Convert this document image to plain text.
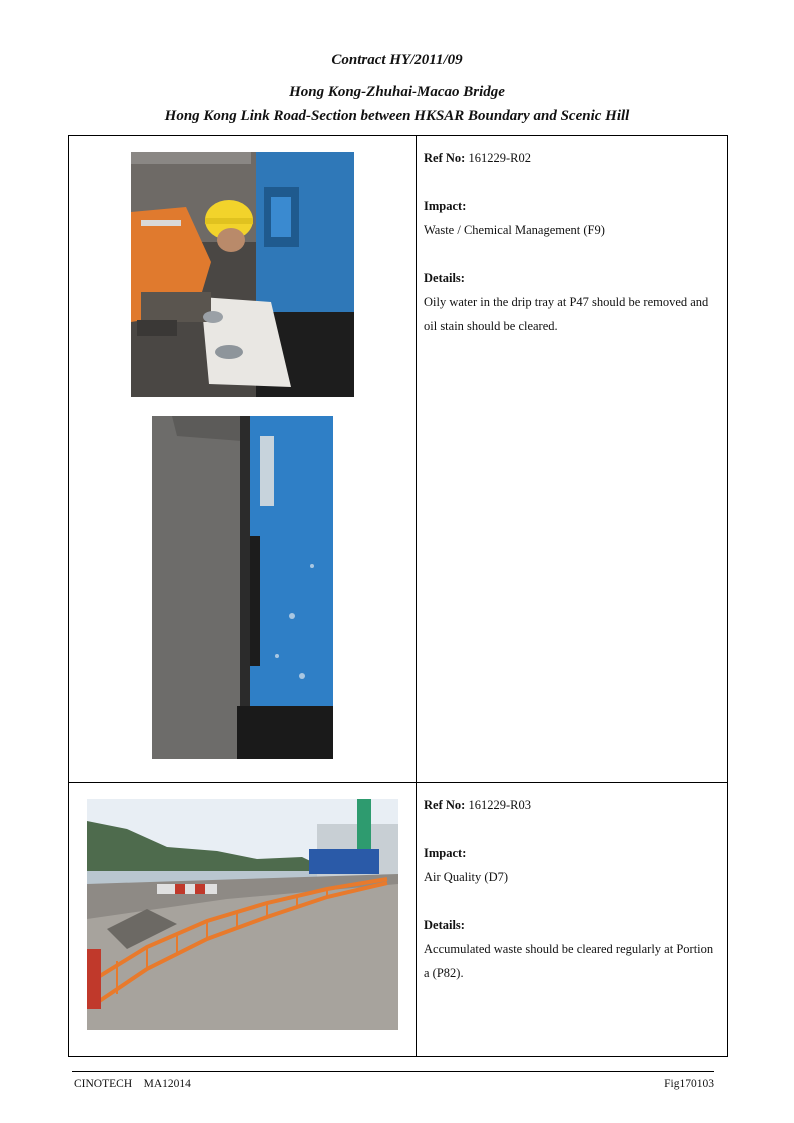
Contract HY/2011/09
Hong Kong-Zhuhai-Macao Bridge
Hong Kong Link Road-Section between HKSAR Boundary and Scenic Hill

Ref No: 161229-R02
Impact:
Waste / Chemical Management (F9)
Details:
Oily water in the drip tray at P47 should be removed and oil stain should be cleared.

Ref No: 161229-R03
Impact:
Air Quality (D7)
Details:
Accumulated waste should be cleared regularly at Portion a (P82).
CINOTECH    MA12014	Fig170103
